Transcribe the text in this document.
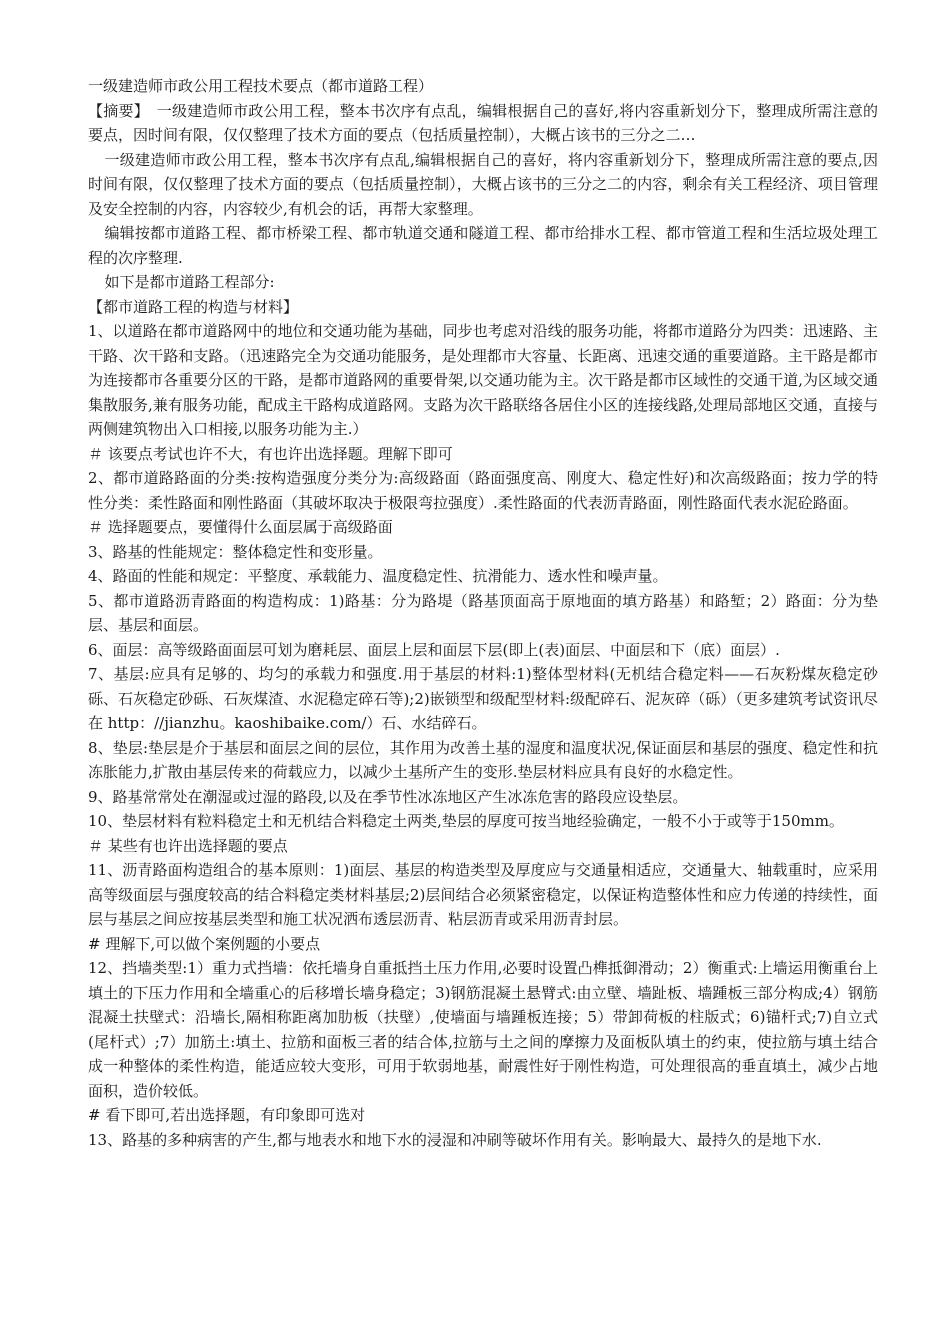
一级建造师市政公用工程技术要点（都市道路工程）

【摘要】　一级建造师市政公用工程，整本书次序有点乱，编辑根据自己的喜好,将内容重新划分下，整理成所需注意的要点，因时间有限，仅仅整理了技术方面的要点（包括质量控制），大概占该书的三分之二…

一级建造师市政公用工程，整本书次序有点乱,编辑根据自己的喜好，将内容重新划分下，整理成所需注意的要点,因时间有限，仅仅整理了技术方面的要点（包括质量控制），大概占该书的三分之二的内容，剩余有关工程经济、项目管理及安全控制的内容，内容较少,有机会的话，再帮大家整理。

编辑按都市道路工程、都市桥梁工程、都市轨道交通和隧道工程、都市给排水工程、都市管道工程和生活垃圾处理工程的次序整理.

如下是都市道路工程部分:

【都市道路工程的构造与材料】

1、以道路在都市道路网中的地位和交通功能为基础，同步也考虑对沿线的服务功能，将都市道路分为四类：迅速路、主干路、次干路和支路。（迅速路完全为交通功能服务，是处理都市大容量、长距离、迅速交通的重要道路。主干路是都市为连接都市各重要分区的干路，是都市道路网的重要骨架,以交通功能为主。次干路是都市区域性的交通干道,为区域交通集散服务,兼有服务功能，配成主干路构成道路网。支路为次干路联络各居住小区的连接线路,处理局部地区交通，直接与两侧建筑物出入口相接,以服务功能为主.）

＃ 该要点考试也许不大，有也许出选择题。理解下即可

2、都市道路路面的分类:按构造强度分类分为:高级路面（路面强度高、刚度大、稳定性好)和次高级路面；按力学的特性分类：柔性路面和刚性路面（其破坏取决于极限弯拉强度）.柔性路面的代表沥青路面，刚性路面代表水泥砼路面。

＃ 选择题要点，要懂得什么面层属于高级路面

3、路基的性能规定：整体稳定性和变形量。

4、路面的性能和规定：平整度、承载能力、温度稳定性、抗滑能力、透水性和噪声量。

5、都市道路沥青路面的构造构成：1)路基：分为路堤（路基顶面高于原地面的填方路基）和路堑；2）路面：分为垫层、基层和面层。

6、面层：高等级路面面层可划为磨耗层、面层上层和面层下层(即上(表)面层、中面层和下（底）面层）.

7、基层:应具有足够的、均匀的承载力和强度.用于基层的材料:1)整体型材料(无机结合稳定料——石灰粉煤灰稳定砂砾、石灰稳定砂砾、石灰煤渣、水泥稳定碎石等);2)嵌锁型和级配型材料:级配碎石、泥灰碎（砾）（更多建筑考试资讯尽在 http：//jianzhu。kaoshibaike.com/）石、水结碎石。

8、垫层:垫层是介于基层和面层之间的层位，其作用为改善土基的湿度和温度状况,保证面层和基层的强度、稳定性和抗冻胀能力,扩散由基层传来的荷载应力，以减少土基所产生的变形.垫层材料应具有良好的水稳定性。

9、路基常常处在潮湿或过湿的路段,以及在季节性冰冻地区产生冰冻危害的路段应设垫层。

10、垫层材料有粒料稳定土和无机结合料稳定土两类,垫层的厚度可按当地经验确定，一般不小于或等于150mm。

＃ 某些有也许出选择题的要点

11、沥青路面构造组合的基本原则：1)面层、基层的构造类型及厚度应与交通量相适应，交通量大、轴载重时，应采用高等级面层与强度较高的结合料稳定类材料基层;2)层间结合必须紧密稳定，以保证构造整体性和应力传递的持续性，面层与基层之间应按基层类型和施工状况洒布透层沥青、粘层沥青或采用沥青封层。

# 理解下,可以做个案例题的小要点

12、挡墙类型:1）重力式挡墙：依托墙身自重抵挡土压力作用,必要时设置凸榫抵御滑动；2）衡重式:上墙运用衡重台上填土的下压力作用和全墙重心的后移增长墙身稳定；3)钢筋混凝土悬臂式:由立壁、墙趾板、墙踵板三部分构成;4）钢筋混凝土扶壁式：沿墙长,隔相称距离加肋板（扶壁）,使墙面与墙踵板连接；5）带卸荷板的柱版式；6)锚杆式;7)自立式(尾杆式）;7）加筋土:填土、拉筋和面板三者的结合体,拉筋与土之间的摩擦力及面板队填土的约束，使拉筋与填土结合成一种整体的柔性构造，能适应较大变形，可用于软弱地基，耐震性好于刚性构造，可处理很高的垂直填土，减少占地面积，造价较低。

# 看下即可,若出选择题，有印象即可选对

13、路基的多种病害的产生,都与地表水和地下水的浸湿和冲刷等破坏作用有关。影响最大、最持久的是地下水.
